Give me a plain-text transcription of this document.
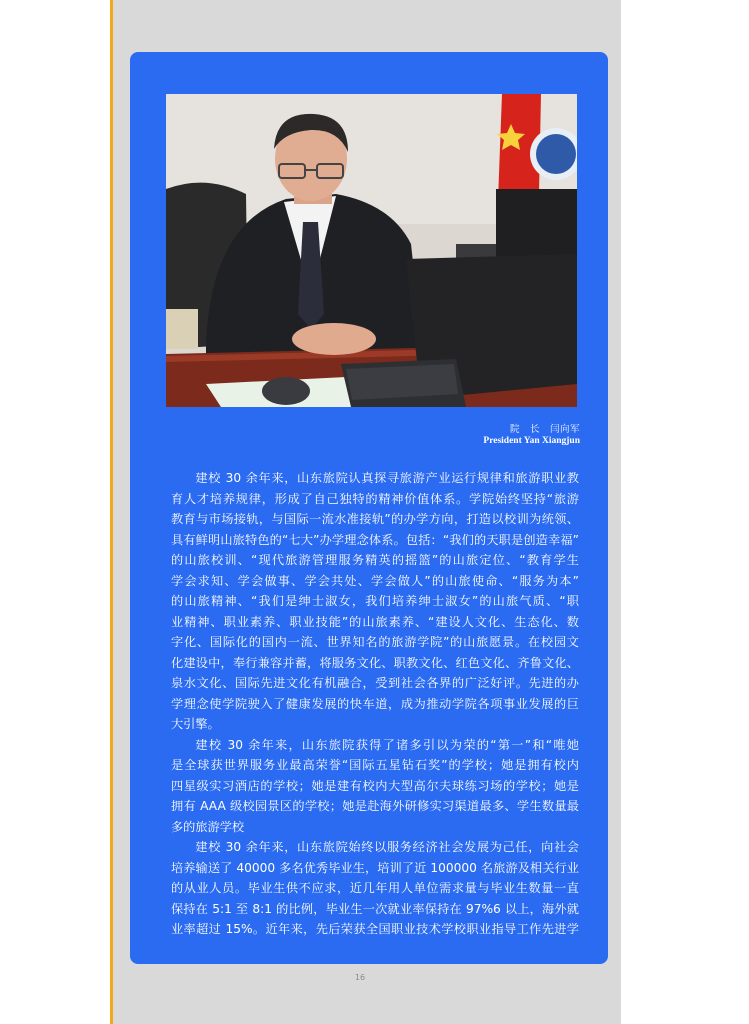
院　长　闫向军
President Yan Xiangjun
建校 30 余年来，山东旅院认真探寻旅游产业运行规律和旅游职业教
育人才培养规律，形成了自己独特的精神价值体系。学院始终坚持“旅游
教育与市场接轨，与国际一流水准接轨”的办学方向，打造以校训为统领、
具有鲜明山旅特色的“七大”办学理念体系。包括：“我们的天职是创造幸福”
的山旅校训、“现代旅游管理服务精英的摇篮”的山旅定位、“教育学生
学会求知、学会做事、学会共处、学会做人”的山旅使命、“服务为本”
的山旅精神、“我们是绅士淑女，我们培养绅士淑女”的山旅气质、“职
业精神、职业素养、职业技能”的山旅素养、“建设人文化、生态化、数
字化、国际化的国内一流、世界知名的旅游学院”的山旅愿景。在校园文
化建设中，奉行兼容并蓄，将服务文化、职教文化、红色文化、齐鲁文化、
泉水文化、国际先进文化有机融合，受到社会各界的广泛好评。先进的办
学理念使学院驶入了健康发展的快车道，成为推动学院各项事业发展的巨
大引擎。
建校 30 余年来，山东旅院获得了诸多引以为荣的“第一”和“唯她
是全球获世界服务业最高荣誉“国际五星钻石奖”的学校；她是拥有校内
四星级实习酒店的学校；她是建有校内大型高尔夫球练习场的学校；她是
拥有 AAA 级校园景区的学校；她是赴海外研修实习渠道最多、学生数量最
多的旅游学校
建校 30 余年来，山东旅院始终以服务经济社会发展为己任，向社会
培养输送了 40000 多名优秀毕业生，培训了近 100000 名旅游及相关行业
的从业人员。毕业生供不应求，近几年用人单位需求量与毕业生数量一直
保持在 5:1 至 8:1 的比例，毕业生一次就业率保持在 97%6 以上，海外就
业率超过 15%。近年来，先后荣获全国职业技术学校职业指导工作先进学
16
